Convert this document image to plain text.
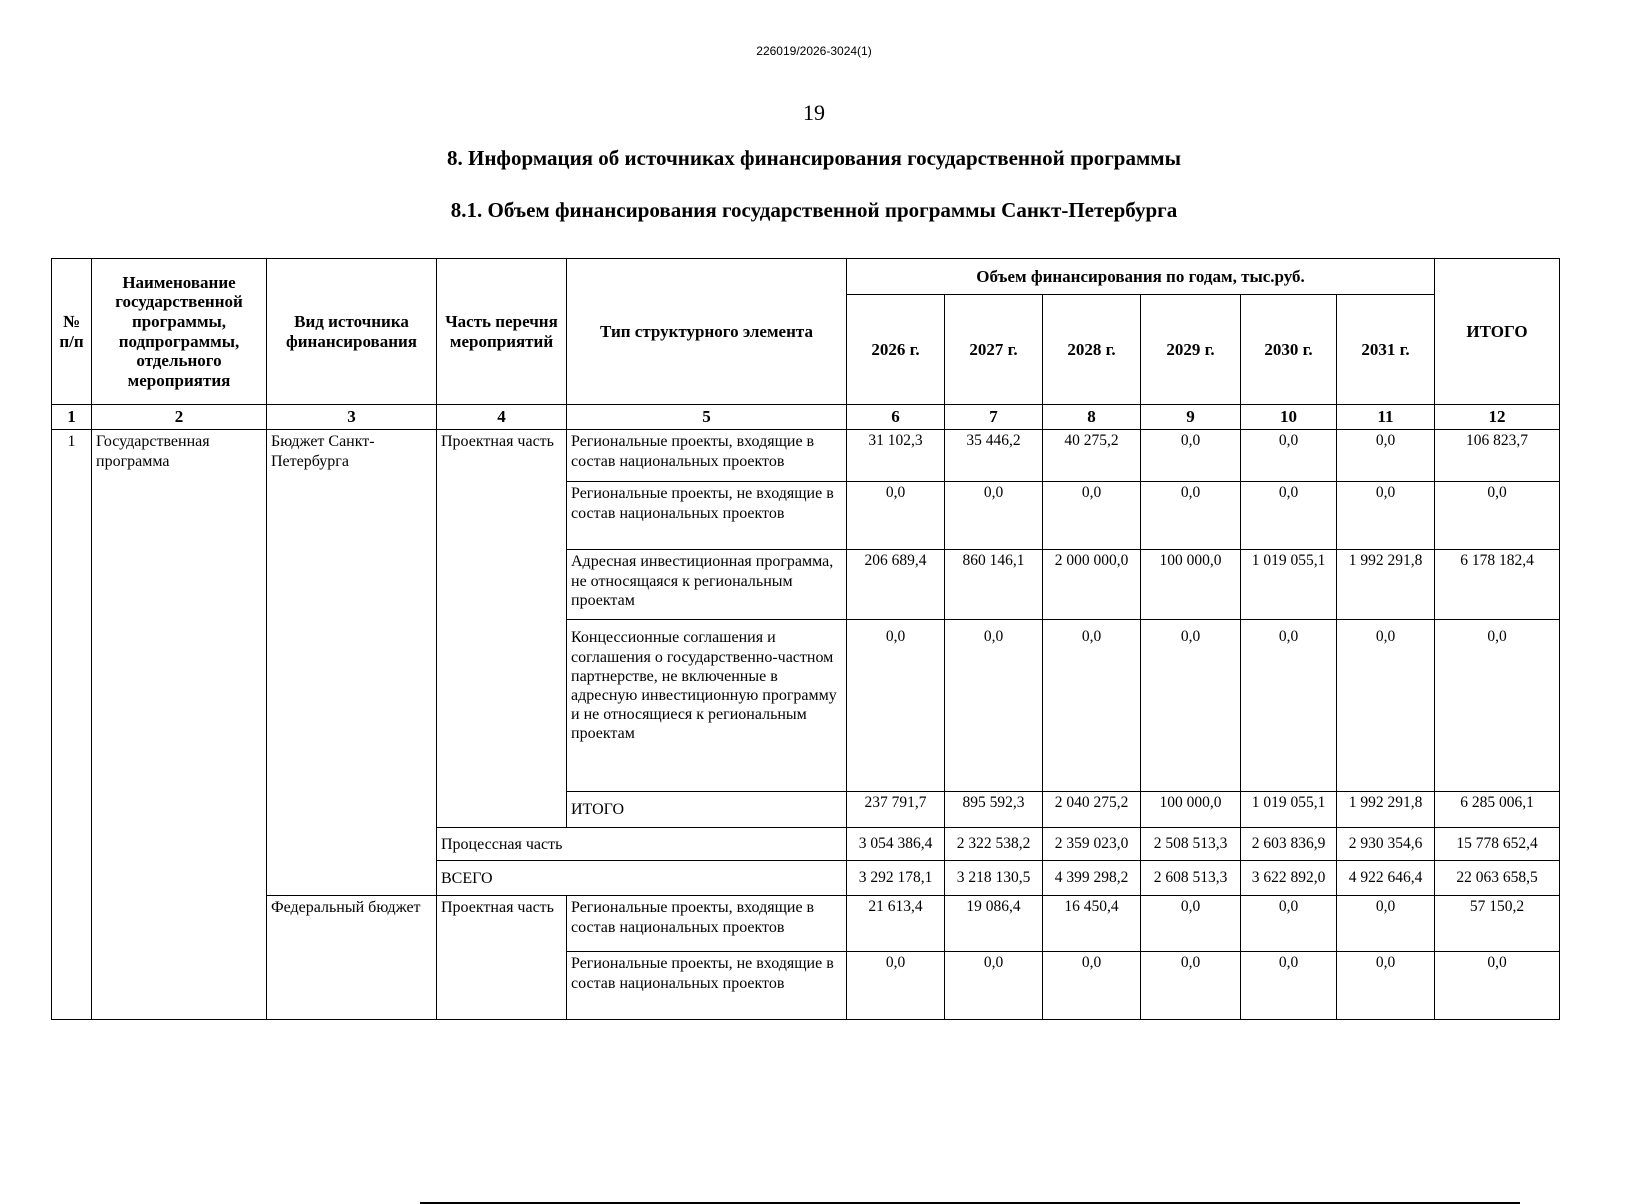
226019/2026-3024(1)
19
8. Информация об источниках финансирования государственной программы
8.1. Объем финансирования государственной программы Санкт-Петербурга
№ п/п	Наименование государственной программы, подпрограммы, отдельного мероприятия	Вид источника финансирования	Часть перечня мероприятий	Тип структурного элемента	Объем финансирования по годам, тыс.руб.						ИТОГО
					2026 г.	2027 г.	2028 г.	2029 г.	2030 г.	2031 г.	
1	2	3	4	5	6	7	8	9	10	11	12
1	Государственная программа	Бюджет Санкт-Петербурга	Проектная часть	Региональные проекты, входящие в состав национальных проектов	31 102,3	35 446,2	40 275,2	0,0	0,0	0,0	106 823,7
				Региональные проекты, не входящие в состав национальных проектов	0,0	0,0	0,0	0,0	0,0	0,0	0,0
				Адресная инвестиционная программа, не относящаяся к региональным проектам	206 689,4	860 146,1	2 000 000,0	100 000,0	1 019 055,1	1 992 291,8	6 178 182,4
				Концессионные соглашения и соглашения о государственно-частном партнерстве, не включенные в адресную инвестиционную программу и не относящиеся к региональным проектам	0,0	0,0	0,0	0,0	0,0	0,0	0,0
				ИТОГО	237 791,7	895 592,3	2 040 275,2	100 000,0	1 019 055,1	1 992 291,8	6 285 006,1
			Процессная часть		3 054 386,4	2 322 538,2	2 359 023,0	2 508 513,3	2 603 836,9	2 930 354,6	15 778 652,4
			ВСЕГО		3 292 178,1	3 218 130,5	4 399 298,2	2 608 513,3	3 622 892,0	4 922 646,4	22 063 658,5
		Федеральный бюджет	Проектная часть	Региональные проекты, входящие в состав национальных проектов	21 613,4	19 086,4	16 450,4	0,0	0,0	0,0	57 150,2
				Региональные проекты, не входящие в состав национальных проектов	0,0	0,0	0,0	0,0	0,0	0,0	0,0
